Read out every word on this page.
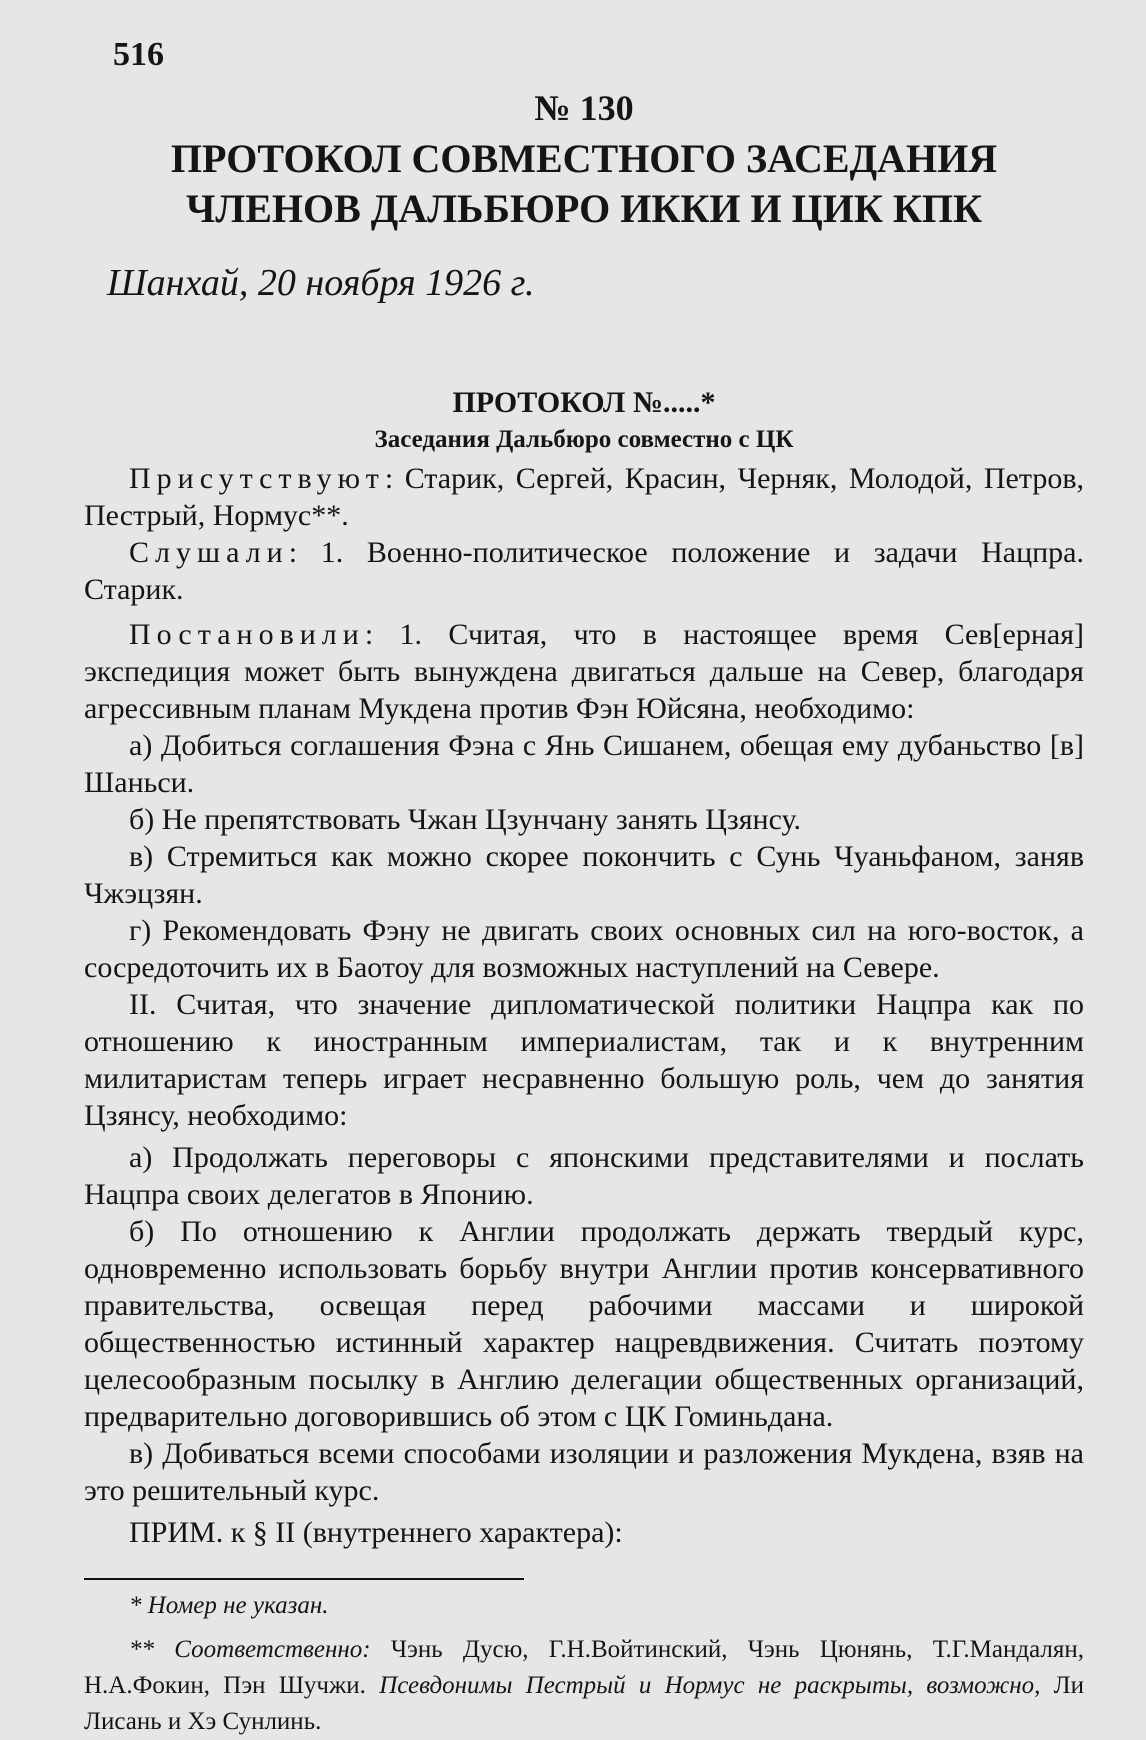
516
№ 130
ПРОТОКОЛ СОВМЕСТНОГО ЗАСЕДАНИЯ
ЧЛЕНОВ ДАЛЬБЮРО ИККИ И ЦИК КПК
Шанхай, 20 ноября 1926 г.
ПРОТОКОЛ №.....*
Заседания Дальбюро совместно с ЦК

Присутствуют: Старик, Сергей, Красин, Черняк, Молодой, Петров, Пестрый, Нормус**.

Слушали: 1. Военно-политическое положение и задачи Нацпра. Старик.

Постановили: 1. Считая, что в настоящее время Сев[ерная] экспедиция может быть вынуждена двигаться дальше на Север, благодаря агрессивным планам Мукдена против Фэн Юйсяна, необходимо:

а) Добиться соглашения Фэна с Янь Сишанем, обещая ему дубаньство [в] Шаньси.

б) Не препятствовать Чжан Цзунчану занять Цзянсу.

в) Стремиться как можно скорее покончить с Сунь Чуаньфаном, заняв Чжэцзян.

г) Рекомендовать Фэну не двигать своих основных сил на юго-восток, а сосредоточить их в Баотоу для возможных наступлений на Севере.

II. Считая, что значение дипломатической политики Нацпра как по отношению к иностранным империалистам, так и к внутренним милитаристам теперь играет несравненно большую роль, чем до занятия Цзянсу, необходимо:

а) Продолжать переговоры с японскими представителями и послать Нацпра своих делегатов в Японию.

б) По отношению к Англии продолжать держать твердый курс, одновременно использовать борьбу внутри Англии против консервативного правительства, освещая перед рабочими массами и широкой общественностью истинный характер нацревдвижения. Считать поэтому целесообразным посылку в Англию делегации общественных организаций, предварительно договорившись об этом с ЦК Гоминьдана.

в) Добиваться всеми способами изоляции и разложения Мукдена, взяв на это решительный курс.

ПРИМ. к § II (внутреннего характера):

* Номер не указан.
** Соответственно: Чэнь Дусю, Г.Н.Войтинский, Чэнь Цюнянь, Т.Г.Мандалян, Н.А.Фокин, Пэн Шучжи. Псевдонимы Пестрый и Нормус не раскрыты, возможно, Ли Лисань и Хэ Сунлинь.
